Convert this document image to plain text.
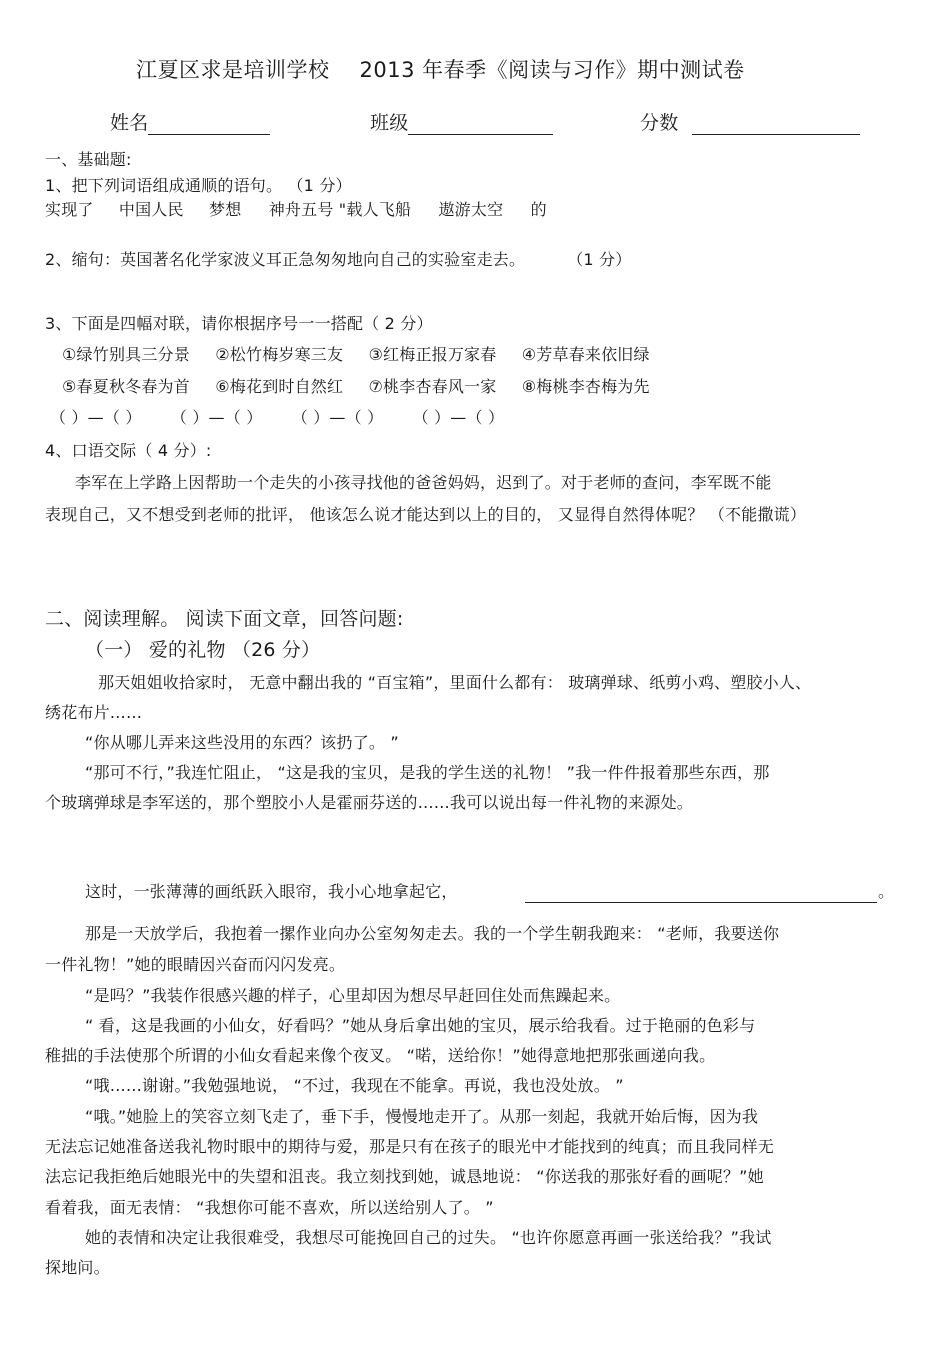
江夏区求是培训学校 2013 年春季《阅读与习作》期中测试卷
姓名	班级	分数
一、基础题:
1、把下列词语组成通顺的语句。 （1 分）
实现了 中国人民 梦想 神舟五号 "载人飞船 遨游太空 的
2、缩句：英国著名化学家波义耳正急匆匆地向自己的实验室走去。	（1 分）
3、下面是四幅对联，请你根据序号一一搭配（ 2 分）
①绿竹别具三分景 ②松竹梅岁寒三友 ③红梅正报万家春 ④芳草春来依旧绿
⑤春夏秋冬春为首 ⑥梅花到时自然红 ⑦桃李杏春风一家 ⑧梅桃李杏梅为先
（ ）—（ ） （ ）—（ ） （ ）—（ ） （ ）—（ ）
4、口语交际（ 4 分）:
李军在上学路上因帮助一个走失的小孩寻找他的爸爸妈妈，迟到了。对于老师的查问，李军既不能
表现自己，又不想受到老师的批评， 他该怎么说才能达到以上的目的， 又显得自然得体呢？ （不能撒谎）
二、阅读理解。 阅读下面文章，回答问题:
（一） 爱的礼物 （26 分）
那天姐姐收拾家时， 无意中翻出我的 “百宝箱”，里面什么都有： 玻璃弹球、纸剪小鸡、塑胶小人、
绣花布片……
“你从哪儿弄来这些没用的东西？该扔了。 ”
“那可不行，”我连忙阻止， “这是我的宝贝，是我的学生送的礼物！ ”我一件件报着那些东西，那
个玻璃弹球是李军送的，那个塑胶小人是霍丽芬送的……我可以说出每一件礼物的来源处。
这时，一张薄薄的画纸跃入眼帘，我小心地拿起它，	。
那是一天放学后，我抱着一摞作业向办公室匆匆走去。我的一个学生朝我跑来： “老师，我要送你
一件礼物！”她的眼睛因兴奋而闪闪发亮。
“是吗？”我装作很感兴趣的样子，心里却因为想尽早赶回住处而焦躁起来。
“ 看，这是我画的小仙女，好看吗？”她从身后拿出她的宝贝，展示给我看。过于艳丽的色彩与
稚拙的手法使那个所谓的小仙女看起来像个夜叉。 “喏，送给你！”她得意地把那张画递向我。
“哦……谢谢。”我勉强地说， “不过，我现在不能拿。再说，我也没处放。 ”
“哦。”她脸上的笑容立刻飞走了，垂下手，慢慢地走开了。从那一刻起，我就开始后悔，因为我
无法忘记她准备送我礼物时眼中的期待与爱，那是只有在孩子的眼光中才能找到的纯真；而且我同样无
法忘记我拒绝后她眼光中的失望和沮丧。我立刻找到她，诚恳地说： “你送我的那张好看的画呢？”她
看着我，面无表情： “我想你可能不喜欢，所以送给别人了。 ”
她的表情和决定让我很难受，我想尽可能挽回自己的过失。 “也许你愿意再画一张送给我？”我试
探地问。
